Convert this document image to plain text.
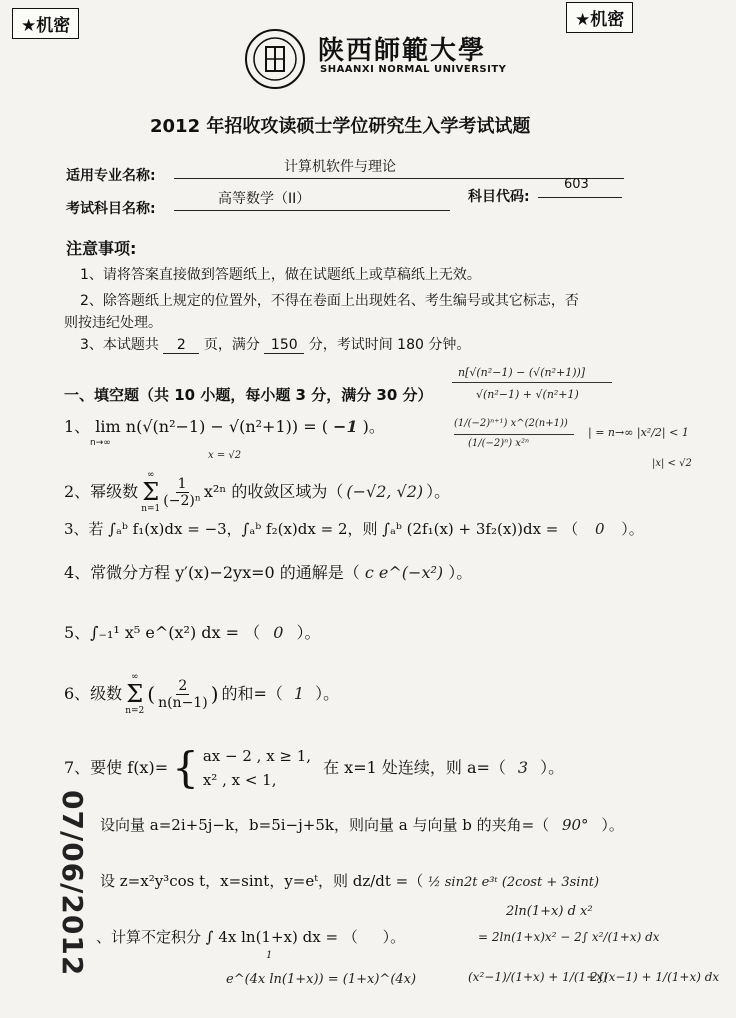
★机密	★机密
陕西師範大學
SHAANXI NORMAL UNIVERSITY
2012 年招收攻读硕士学位研究生入学考试试题
适用专业名称:
计算机软件与理论
考试科目名称:
高等数学（II）	科目代码:
603
注意事项:
1、请将答案直接做到答题纸上，做在试题纸上或草稿纸上无效。
2、除答题纸上规定的位置外，不得在卷面上出现姓名、考生编号或其它标志，否
则按违纪处理。
3、本试题共 2 页，满分 150 分，考试时间 180 分钟。
一、填空题（共 10 小题，每小题 3 分，满分 30 分）
1、 lim n(√(n²−1) − √(n²+1)) = ( −1 )。
n→∞
2、幂级数
∞
Σ
n=1
$\frac{1}{\text{(−2)ⁿ}} x^{2n}$ 的收敛区域为（ (−√2, √2) ）。
3、若 ∫ₐᵇ f₁(x)dx = −3，∫ₐᵇ f₂(x)dx = 2，则 ∫ₐᵇ (2f₁(x) + 3f₂(x))dx = （ 0 ）。
4、常微分方程 y′(x)−2yx=0 的通解是（ c e^(−x²) ）。
5、∫₋₁¹ x⁵ e^(x²) dx = （ 0 ）。
6、级数
∞
Σ
n=2
( $\frac{2}{n(n-1)}$ ) 的和=（ 1 ）。
7、要使 f(x)= { ax − 2 , x ≥ 1,
x² , x < 1,
在 x=1 处连续，则 a=（ 3 ）。
设向量 a=2i+5j−k，b=5i−j+5k，则向量 a 与向量 b 的夹角=（ 90° ）。
设 z=x²y³cos t，x=sint，y=eᵗ，则 dz/dt =（ ½ sin2t e³ᵗ (2cost + 3sint)
、计算不定积分 ∫ 4x ln(1+x) dx = （ ）。
07/06/2012
n[√(n²−1) − (√(n²+1))]
√(n²−1) + √(n²+1)
(1/(−2)ⁿ⁺¹) x^(2(n+1))
(1/(−2)ⁿ) x²ⁿ
| = n→∞ |x²/2| < 1
|x| < √2
x = √2
2ln(1+x) d x²
= 2ln(1+x)x² − 2∫ x²/(1+x) dx
(x²−1)/(1+x) + 1/(1+x)
2∫(x−1) + 1/(1+x) dx
e^(4x ln(1+x)) = (1+x)^(4x)
1
